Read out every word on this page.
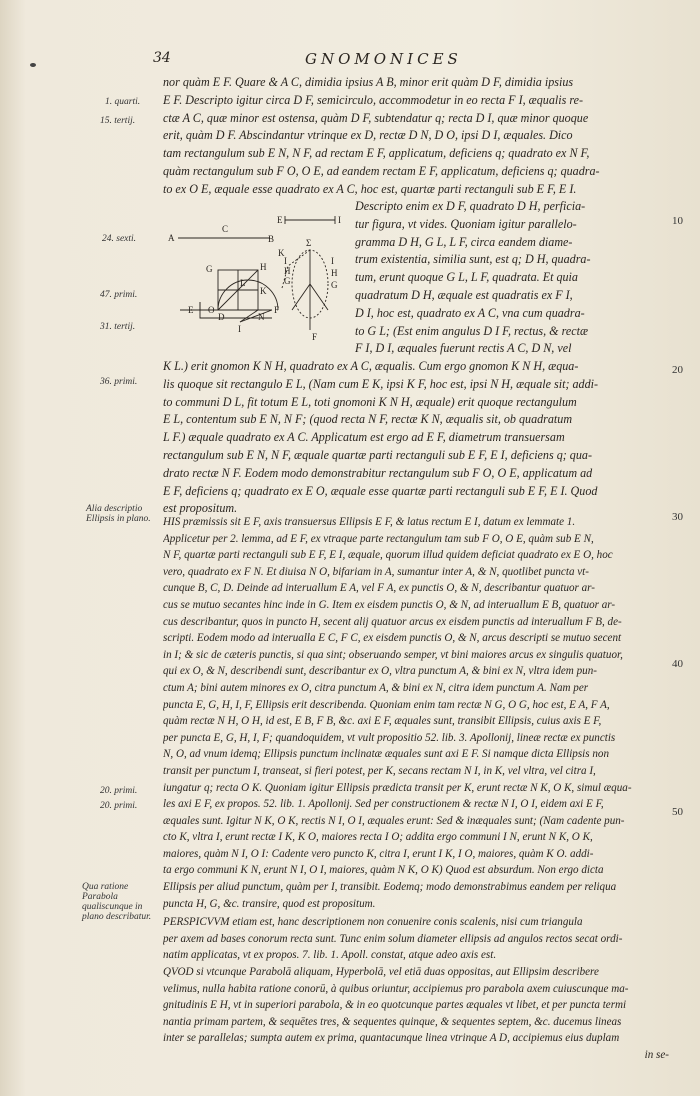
34	GNOMONICES
nor quàm E F. Quare & A C, dimidia ipsius A B, minor erit quàm D F, dimidia ipsius
E F. Descripto igitur circa D F, semicirculo, accommodetur in eo recta F I, æqualis re-
ctæ A C, quæ minor est ostensa, quàm D F, subtendatur q; recta D I, quæ minor quoque
erit, quàm D F. Abscindantur vtrinque ex D, rectæ D N, D O, ipsi D I, æquales. Dico
tam rectangulum sub E N, N F, ad rectam E F, applicatum, deficiens q; quadrato ex N F,
quàm rectangulum sub F O, O E, ad eandem rectam E F, applicatum, deficiens q; quadra-
to ex O E, æquale esse quadrato ex A C, hoc est, quartæ parti rectanguli sub E F, E I.
Descripto enim ex D F, quadrato D H, perficia-
tur figura, vt vides. Quoniam igitur parallelo-
gramma D H, G L, L F, circa eandem diame-
trum existentia, similia sunt, est q; D H, quadra-
tum, erunt quoque G L, L F, quadrata. Et quia
quadratum D H, æquale est quadratis ex F I,
D I, hoc est, quadrato ex A C, vna cum quadra-
to G L; (Est enim angulus D I F, rectus, & rectæ
F I, D I, æquales fuerunt rectis A C, D N, vel
A
C
B
E	I
G	H
K
L
E O
D	N
F
I
I
H
G
I
H
G
K
Σ
F
K L.) erit gnomon K N H, quadrato ex A C, æqualis. Cum ergo gnomon K N H, æqua-
lis quoque sit rectangulo E L, (Nam cum E K, ipsi K F, hoc est, ipsi N H, æquale sit; addi-
to communi D L, fit totum E L, toti gnomoni K N H, æquale) erit quoque rectangulum
E L, contentum sub E N, N F; (quod recta N F, rectæ K N, æqualis sit, ob quadratum
L F.) æquale quadrato ex A C. Applicatum est ergo ad E F, diametrum transuersam
rectangulum sub E N, N F, æquale quartæ parti rectanguli sub E F, E I, deficiens q; qua-
drato rectæ N F. Eodem modo demonstrabitur rectangulum sub F O, O E, applicatum ad
E F, deficiens q; quadrato ex E O, æquale esse quartæ parti rectanguli sub E F, E I. Quod
est propositum.
HIS præmissis sit E F, axis transuersus Ellipsis E F, & latus rectum E I, datum ex lemmate 1.
Applicetur per 2. lemma, ad E F, ex vtraque parte rectangulum tam sub F O, O E, quàm sub E N,
N F, quartæ parti rectanguli sub E F, E I, æquale, quorum illud quidem deficiat quadrato ex E O, hoc
vero, quadrato ex F N. Et diuisa N O, bifariam in A, sumantur inter A, & N, quotlibet puncta vt-
cunque B, C, D. Deinde ad interuallum E A, vel F A, ex punctis O, & N, describantur quatuor ar-
cus se mutuo secantes hinc inde in G. Item ex eisdem punctis O, & N, ad interuallum E B, quatuor ar-
cus describantur, quos in puncto H, secent alij quatuor arcus ex eisdem punctis ad interuallum F B, de-
scripti. Eodem modo ad interualla E C, F C, ex eisdem punctis O, & N, arcus descripti se mutuo secent
in I; & sic de cæteris punctis, si qua sint; obseruando semper, vt bini maiores arcus ex singulis quatuor,
qui ex O, & N, describendi sunt, describantur ex O, vltra punctum A, & bini ex N, vltra idem pun-
ctum A; bini autem minores ex O, citra punctum A, & bini ex N, citra idem punctum A. Nam per
puncta E, G, H, I, F, Ellipsis erit describenda. Quoniam enim tam rectæ N G, O G, hoc est, E A, F A,
quàm rectæ N H, O H, id est, E B, F B, &c. axi E F, æquales sunt, transibit Ellipsis, cuius axis E F,
per puncta E, G, H, I, F; quandoquidem, vt vult propositio 52. lib. 3. Apollonij, lineæ rectæ ex punctis
N, O, ad vnum idemq; Ellipsis punctum inclinatæ æquales sunt axi E F. Si namque dicta Ellipsis non
transit per punctum I, transeat, si fieri potest, per K, secans rectam N I, in K, vel vltra, vel citra I,
iungatur q; recta O K. Quoniam igitur Ellipsis prædicta transit per K, erunt rectæ N K, O K, simul æqua-
les axi E F, ex propos. 52. lib. 1. Apollonij. Sed per constructionem & rectæ N I, O I, eidem axi E F,
æquales sunt. Igitur N K, O K, rectis N I, O I, æquales erunt: Sed & inæquales sunt; (Nam cadente pun-
cto K, vltra I, erunt rectæ I K, K O, maiores recta I O; addita ergo communi I N, erunt N K, O K,
maiores, quàm N I, O I: Cadente vero puncto K, citra I, erunt I K, I O, maiores, quàm K O. addi-
ta ergo communi K N, erunt N I, O I, maiores, quàm N K, O K) Quod est absurdum. Non ergo dicta
Ellipsis per aliud punctum, quàm per I, transibit. Eodemq; modo demonstrabimus eandem per reliqua
puncta H, G, &c. transire, quod est propositum.
PERSPICVVM etiam est, hanc descriptionem non conuenire conis scalenis, nisi cum triangula
per axem ad bases conorum recta sunt. Tunc enim solum diameter ellipsis ad angulos rectos secat ordi-
natim applicatas, vt ex propos. 7. lib. 1. Apoll. constat, atque adeo axis est.
QVOD si vtcunque Parabolā aliquam, Hyperbolā, vel etiā duas oppositas, aut Ellipsim describere
velimus, nulla habita ratione conorū, à quibus oriuntur, accipiemus pro parabola axem cuiuscunque ma-
gnitudinis E H, vt in superiori parabola, & in eo quotcunque partes æquales vt libet, et per puncta termi
nantia primam partem, & sequētes tres, & sequentes quinque, & sequentes septem, &c. ducemus lineas
inter se parallelas; sumpta autem ex prima, quantacunque linea vtrinque A D, accipiemus eius duplam
in se-
1. quarti.
15. tertij.
24. sexti.
47. primi.
31. tertij.
36. primi.
Alia descriptio Ellipsis in plano.
20. primi.
20. primi.
Qua ratione Parabola qualiscunque in plano describatur.
10
20
30
40
50
